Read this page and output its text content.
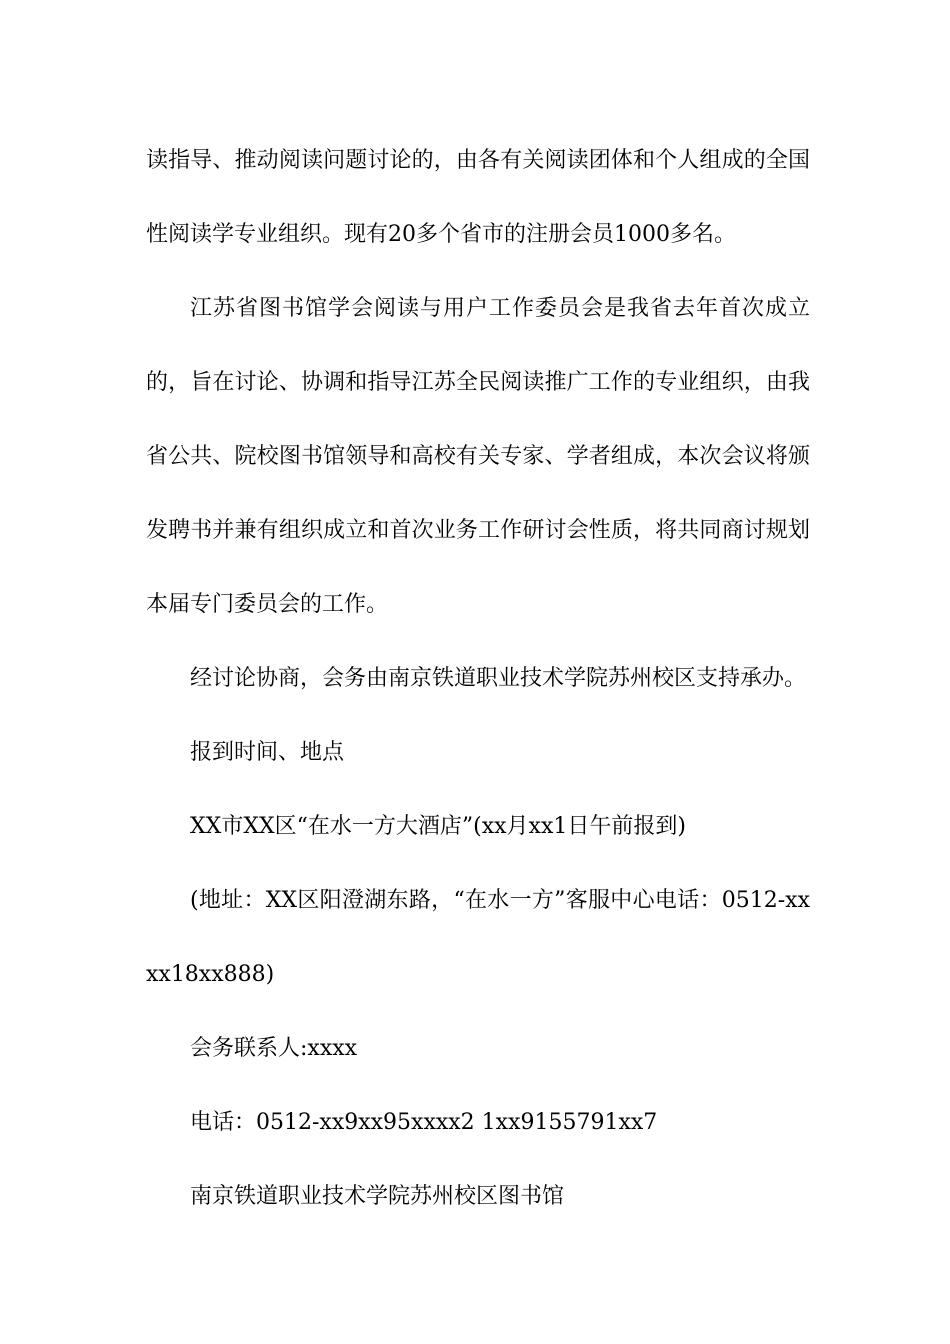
读指导、推动阅读问题讨论的，由各有关阅读团体和个人组成的全国性阅读学专业组织。现有20多个省市的注册会员1000多名。

江苏省图书馆学会阅读与用户工作委员会是我省去年首次成立的，旨在讨论、协调和指导江苏全民阅读推广工作的专业组织，由我省公共、院校图书馆领导和高校有关专家、学者组成，本次会议将颁发聘书并兼有组织成立和首次业务工作研讨会性质，将共同商讨规划本届专门委员会的工作。

经讨论协商，会务由南京铁道职业技术学院苏州校区支持承办。

报到时间、地点

XX市XX区“在水一方大酒店”(xx月xx1日午前报到)

(地址：XX区阳澄湖东路，“在水一方”客服中心电话：0512-xxxx18xx888)

会务联系人:xxxx

电话：0512-xx9xx95xxxx2 1xx9155791xx7

南京铁道职业技术学院苏州校区图书馆
